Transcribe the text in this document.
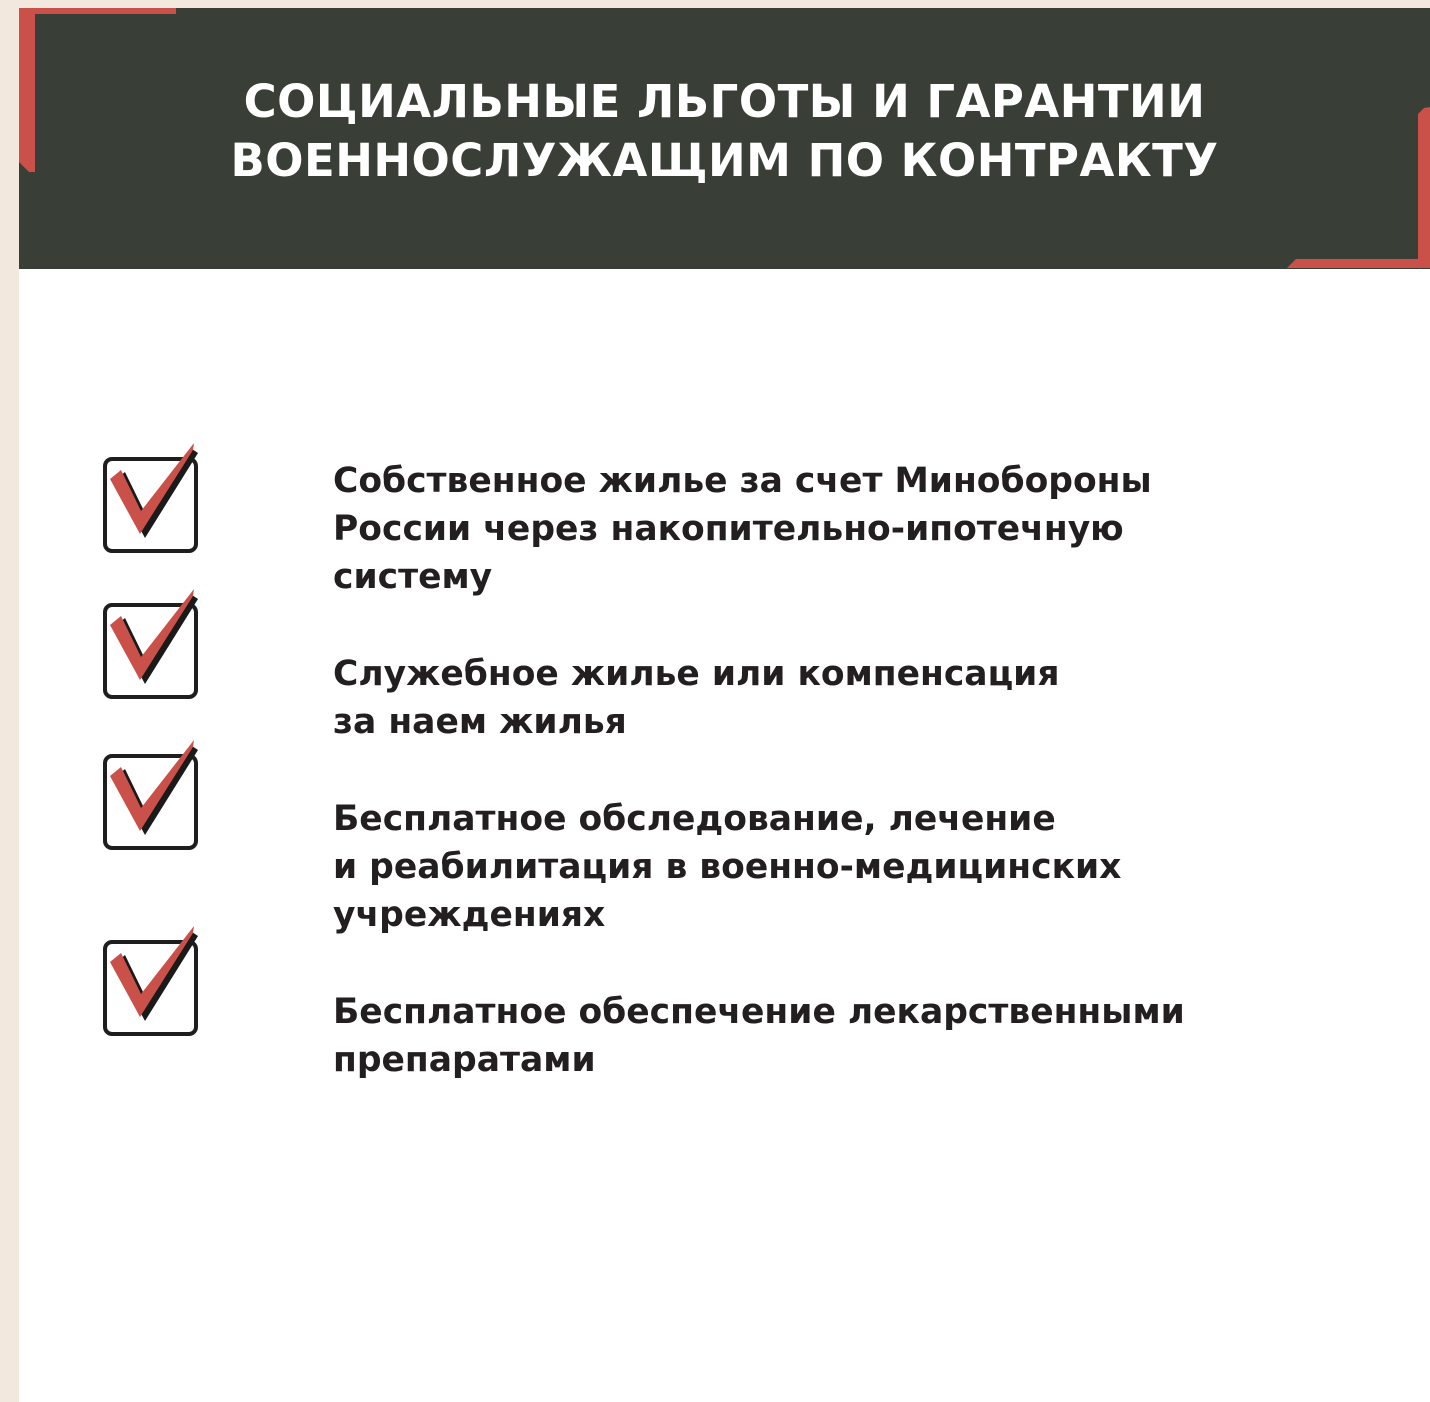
СОЦИАЛЬНЫЕ ЛЬГОТЫ И ГАРАНТИИ
ВОЕННОСЛУЖАЩИМ ПО КОНТРАКТУ
Собственное жилье за счет Минобороны
России через накопительно-ипотечную
систему
Служебное жилье или компенсация
за наем жилья
Бесплатное обследование, лечение
и реабилитация в военно-медицинских
учреждениях
Бесплатное обеспечение лекарственными
препаратами
